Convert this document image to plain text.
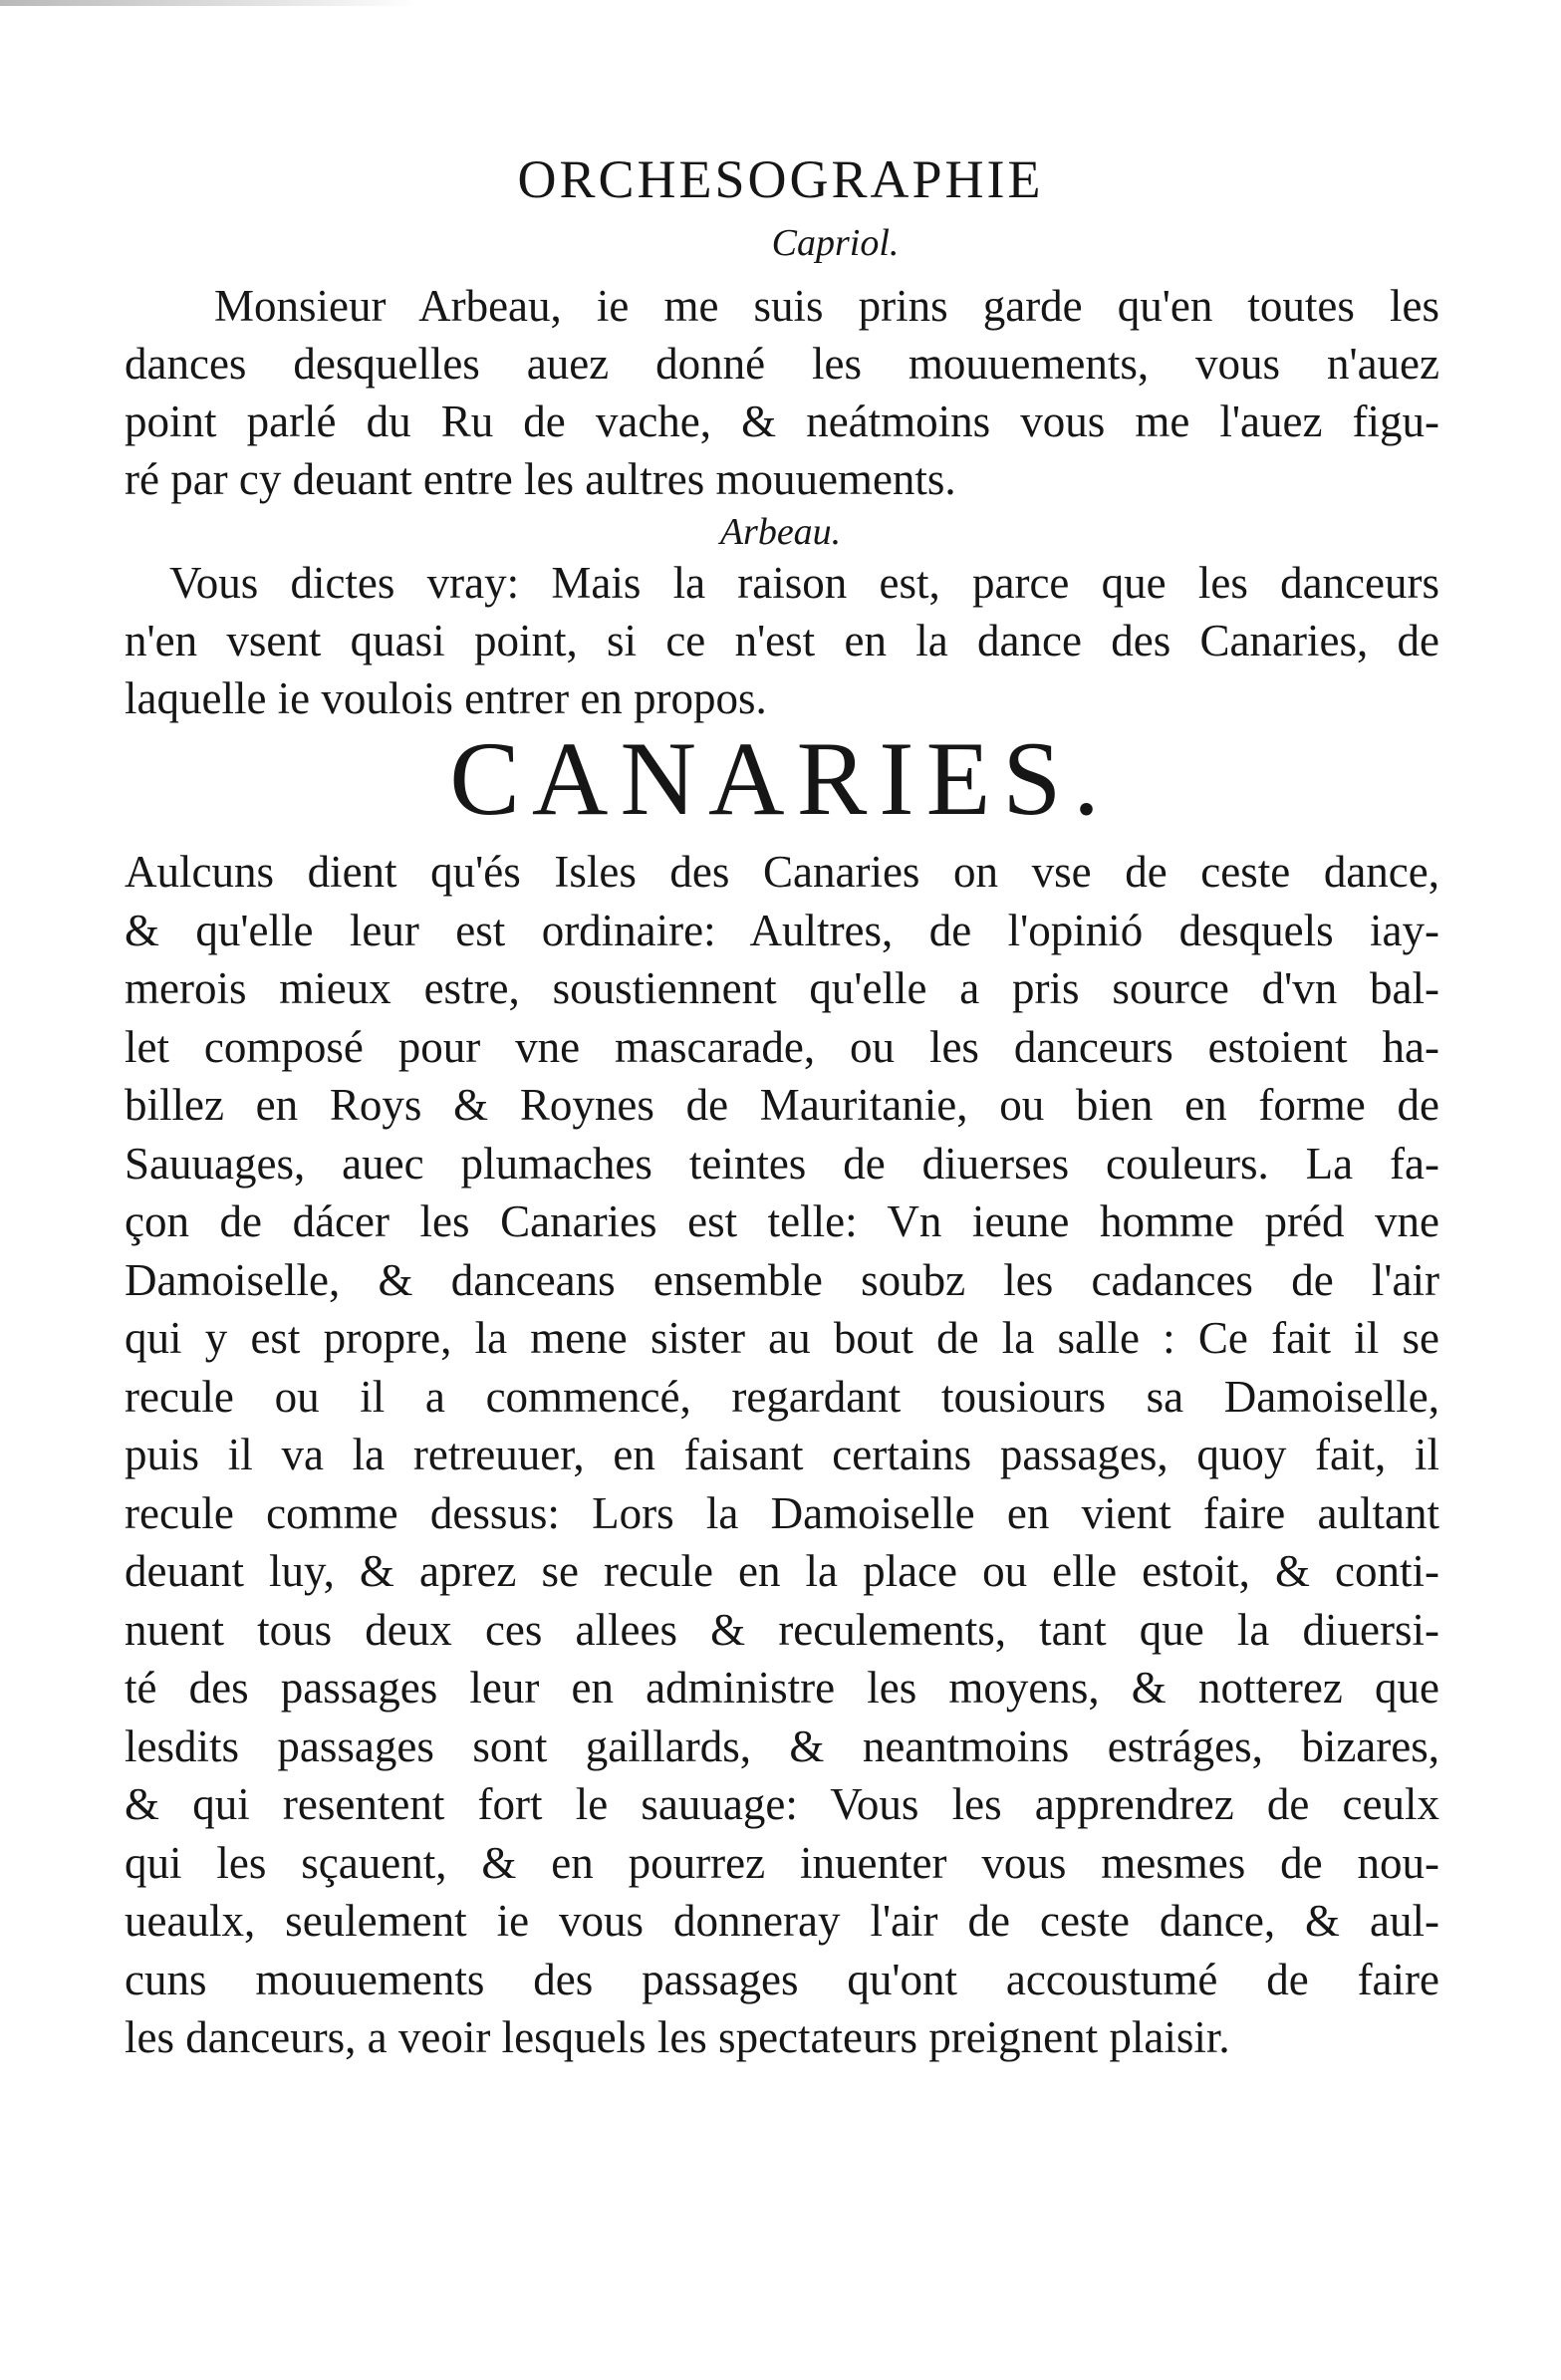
ORCHESOGRAPHIE
Capriol.
Monsieur Arbeau, ie me suis prins garde qu'en toutes les
dances desquelles auez donné les mouuements, vous n'auez
point parlé du Ru de vache, & neátmoins vous me l'auez figu-
ré par cy deuant entre les aultres mouuements.
Arbeau.
Vous dictes vray: Mais la raison est, parce que les danceurs
n'en vsent quasi point, si ce n'est en la dance des Canaries, de
laquelle ie voulois entrer en propos.
CANARIES.
Aulcuns dient qu'és Isles des Canaries on vse de ceste dance,
& qu'elle leur est ordinaire: Aultres, de l'opinió desquels iay-
merois mieux estre, soustiennent qu'elle a pris source d'vn bal-
let composé pour vne mascarade, ou les danceurs estoient ha-
billez en Roys & Roynes de Mauritanie, ou bien en forme de
Sauuages, auec plumaches teintes de diuerses couleurs. La fa-
çon de dácer les Canaries est telle: Vn ieune homme préd vne
Damoiselle, & danceans ensemble soubz les cadances de l'air
qui y est propre, la mene sister au bout de la salle : Ce fait il se
recule ou il a commencé, regardant tousiours sa Damoiselle,
puis il va la retreuuer, en faisant certains passages, quoy fait, il
recule comme dessus: Lors la Damoiselle en vient faire aultant
deuant luy, & aprez se recule en la place ou elle estoit, & conti-
nuent tous deux ces allees & reculements, tant que la diuersi-
té des passages leur en administre les moyens, & notterez que
lesdits passages sont gaillards, & neantmoins estráges, bizares,
& qui resentent fort le sauuage: Vous les apprendrez de ceulx
qui les sçauent, & en pourrez inuenter vous mesmes de nou-
ueaulx, seulement ie vous donneray l'air de ceste dance, & aul-
cuns mouuements des passages qu'ont accoustumé de faire
les danceurs, a veoir lesquels les spectateurs preignent plaisir.
